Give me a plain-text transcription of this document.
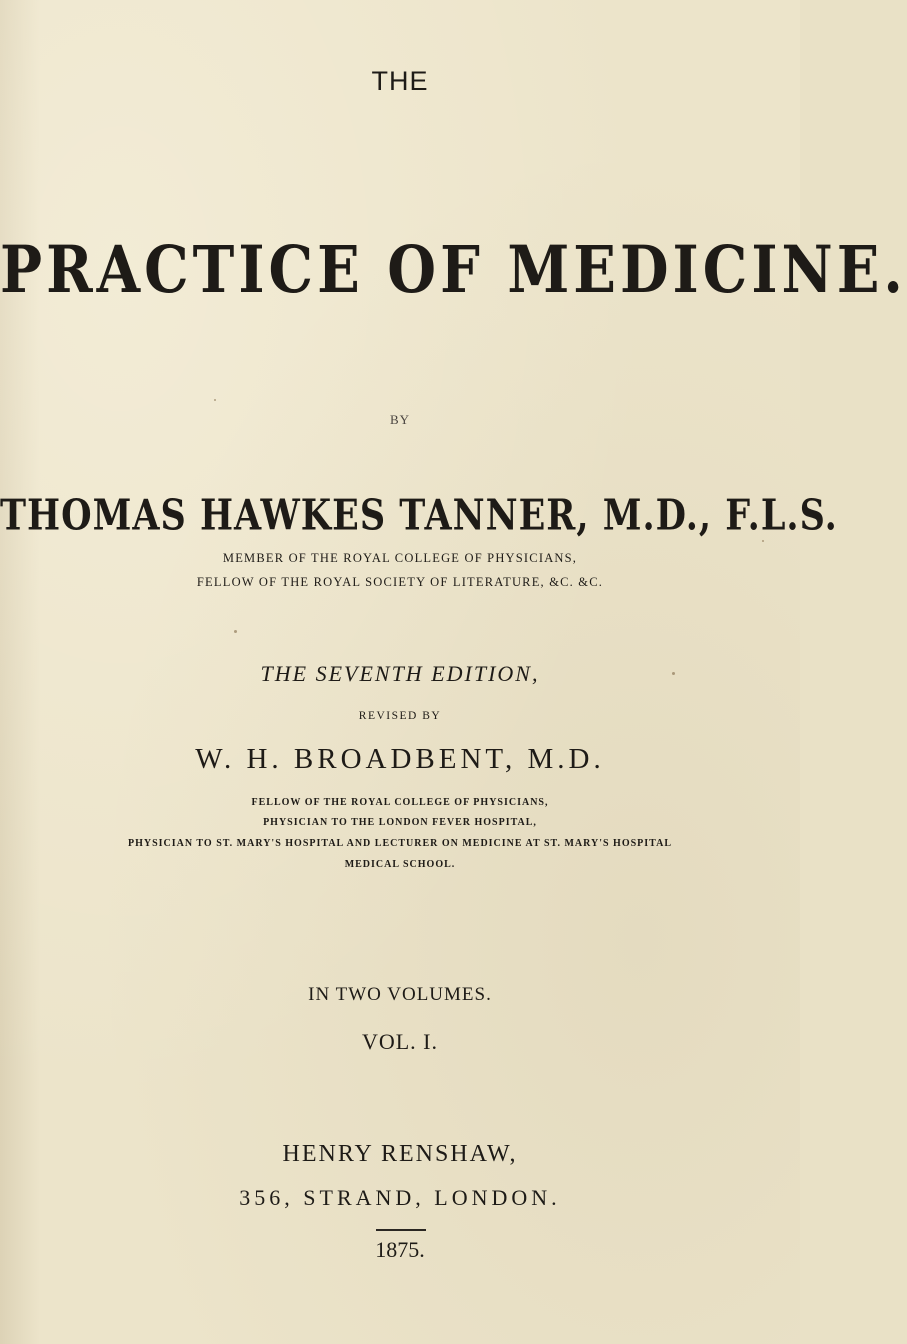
THE
PRACTICE OF MEDICINE.
BY
THOMAS HAWKES TANNER, M.D., F.L.S.
MEMBER OF THE ROYAL COLLEGE OF PHYSICIANS,
FELLOW OF THE ROYAL SOCIETY OF LITERATURE, &C. &C.
THE SEVENTH EDITION,
REVISED BY
W. H. BROADBENT, M.D.
FELLOW OF THE ROYAL COLLEGE OF PHYSICIANS,
PHYSICIAN TO THE LONDON FEVER HOSPITAL,
PHYSICIAN TO ST. MARY'S HOSPITAL AND LECTURER ON MEDICINE AT ST. MARY'S HOSPITAL
MEDICAL SCHOOL.
IN TWO VOLUMES.
VOL. I.
HENRY RENSHAW,
356, STRAND, LONDON.
1875.
